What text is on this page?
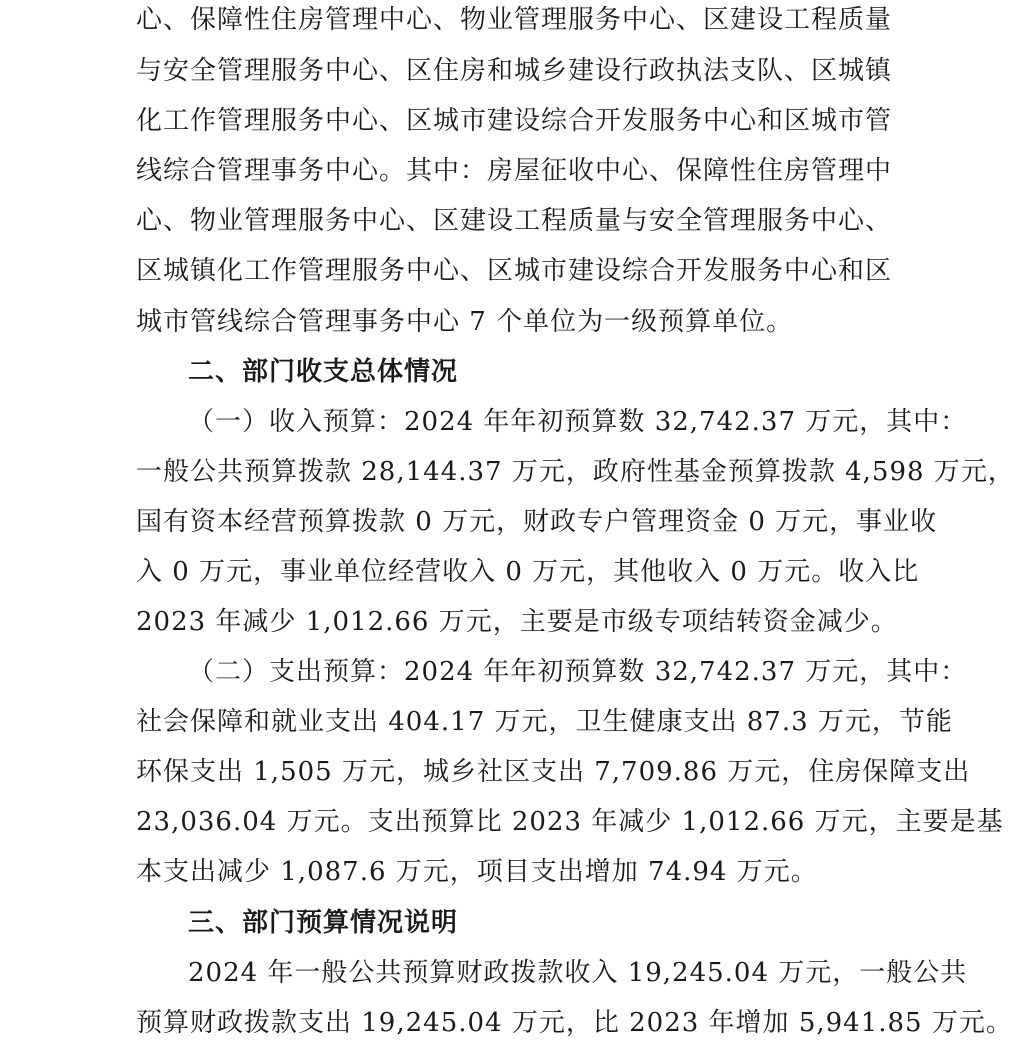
心、保障性住房管理中心、物业管理服务中心、区建设工程质量
与安全管理服务中心、区住房和城乡建设行政执法支队、区城镇
化工作管理服务中心、区城市建设综合开发服务中心和区城市管
线综合管理事务中心。其中：房屋征收中心、保障性住房管理中
心、物业管理服务中心、区建设工程质量与安全管理服务中心、
区城镇化工作管理服务中心、区城市建设综合开发服务中心和区
城市管线综合管理事务中心 7 个单位为一级预算单位。
二、部门收支总体情况
（一）收入预算：2024 年年初预算数 32,742.37 万元，其中：
一般公共预算拨款 28,144.37 万元，政府性基金预算拨款 4,598 万元，
国有资本经营预算拨款 0 万元，财政专户管理资金 0 万元，事业收
入 0 万元，事业单位经营收入 0 万元，其他收入 0 万元。收入比
2023 年减少 1,012.66 万元，主要是市级专项结转资金减少。
（二）支出预算：2024 年年初预算数 32,742.37 万元，其中：
社会保障和就业支出 404.17 万元，卫生健康支出 87.3 万元，节能
环保支出 1,505 万元，城乡社区支出 7,709.86 万元，住房保障支出
23,036.04 万元。支出预算比 2023 年减少 1,012.66 万元，主要是基
本支出减少 1,087.6 万元，项目支出增加 74.94 万元。
三、部门预算情况说明
2024 年一般公共预算财政拨款收入 19,245.04 万元，一般公共
预算财政拨款支出 19,245.04 万元，比 2023 年增加 5,941.85 万元。
